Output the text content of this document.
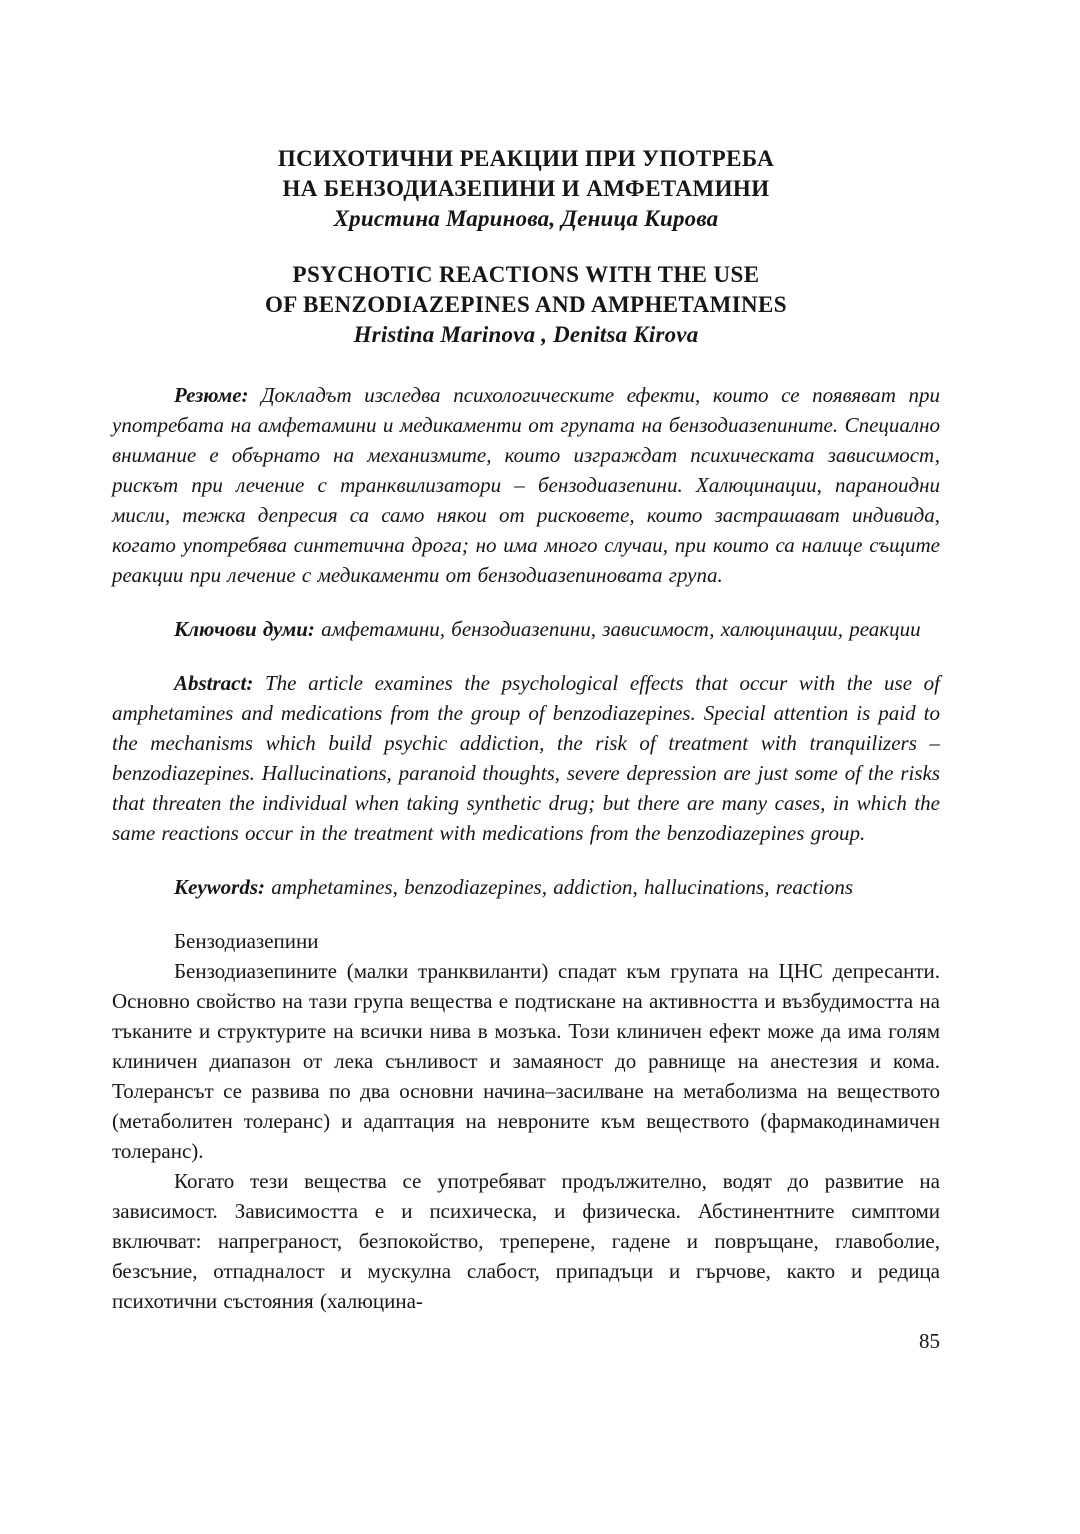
ПСИХОТИЧНИ РЕАКЦИИ ПРИ УПОТРЕБА
НА БЕНЗОДИАЗЕПИНИ И АМФЕТАМИНИ
Христина Маринова, Деница Кирова
PSYCHOTIC REACTIONS WITH THE USE
OF BENZODIAZEPINES AND AMPHETAMINES
Hristina Marinova , Denitsa Kirova

Резюме: Докладът изследва психологическите ефекти, които се появяват при употребата на амфетамини и медикаменти от групата на бензодиазепините. Специално внимание е обърнато на механизмите, които изграждат психическата зависимост, рискът при лечение с транквилизатори – бензодиазепини. Халюцинации, параноидни мисли, тежка депресия са само някои от рисковете, които застрашават индивида, когато употребява синтетична дрога; но има много случаи, при които са налице същите реакции при лечение с медикаменти от бензодиазепиновата група.

Ключови думи: амфетамини, бензодиазепини, зависимост, халюцинации, реакции

Abstract: The article examines the psychological effects that occur with the use of amphetamines and medications from the group of benzodiazepines. Special attention is paid to the mechanisms which build psychic addiction, the risk of treatment with tranquilizers – benzodiazepines. Hallucinations, paranoid thoughts, severe depression are just some of the risks that threaten the individual when taking synthetic drug; but there are many cases, in which the same reactions occur in the treatment with medications from the benzodiazepines group.

Keywords: amphetamines, benzodiazepines, addiction, hallucinations, reactions

Бензодиазепини

Бензодиазепините (малки транквиланти) спадат към групата на ЦНС депресанти. Основно свойство на тази група вещества е подтискане на активността и възбудимостта на тъканите и структурите на всички нива в мозъка. Този клиничен ефект може да има голям клиничен диапазон от лека сънливост и замаяност до равнище на анестезия и кома. Толерансът се развива по два основни начина–засилване на метаболизма на веществото (метаболитен толеранс) и адаптация на невроните към веществото (фармакодинамичен толеранс).

Когато тези вещества се употребяват продължително, водят до развитие на зависимост. Зависимостта е и психическа, и физическа. Абстинентните симптоми включват: напреграност, безпокойство, треперене, гадене и повръщане, главоболие, безсъние, отпадналост и мускулна слабост, припадъци и гърчове, както и редица психотични състояния (халюцина-

85
